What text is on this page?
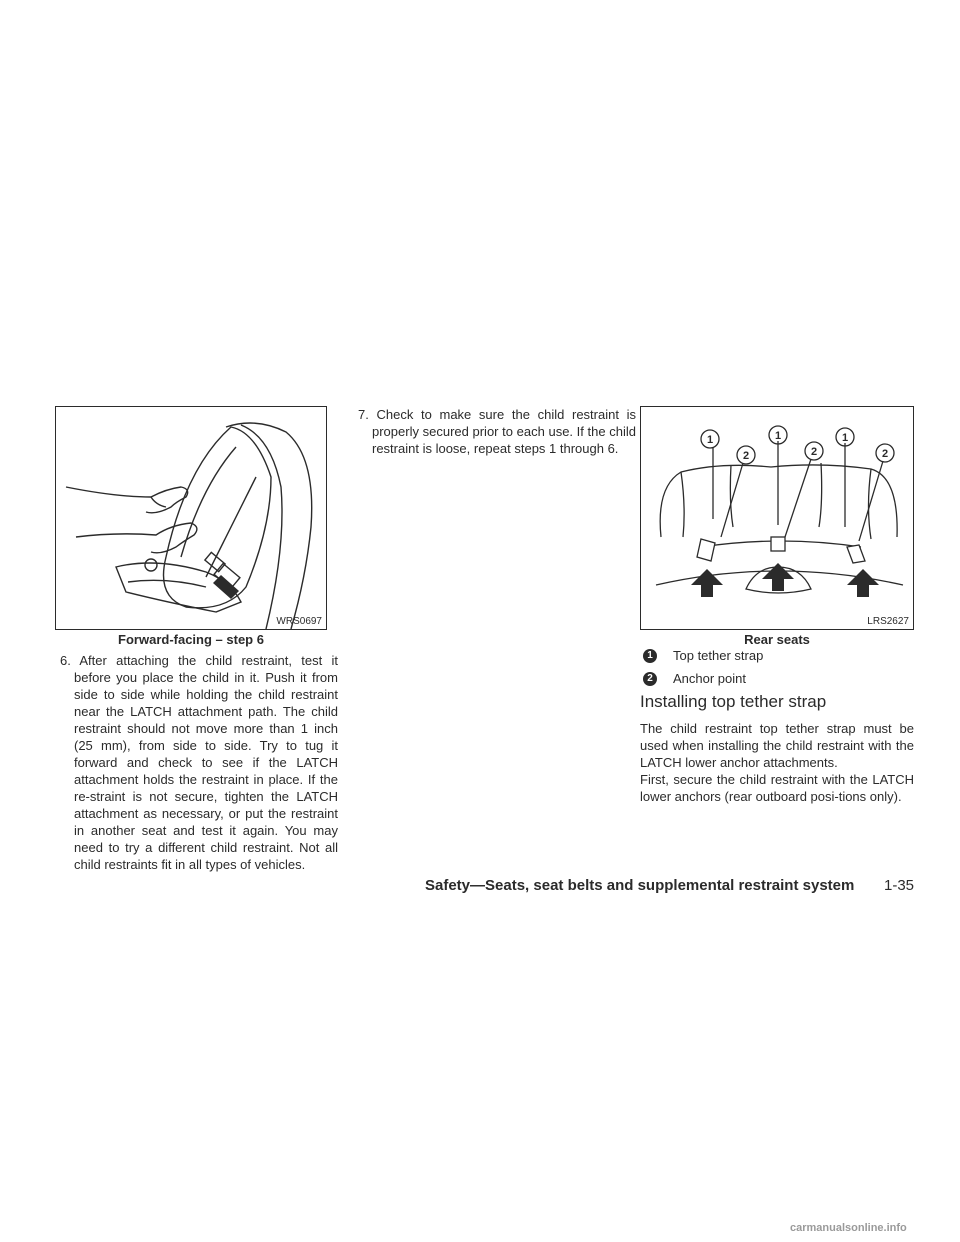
WRS0697
Forward-facing – step 6

6. After attaching the child restraint, test it before you place the child in it. Push it from side to side while holding the child restraint near the LATCH attachment path. The child restraint should not move more than 1 inch (25 mm), from side to side. Try to tug it forward and check to see if the LATCH attachment holds the restraint in place. If the re-straint is not secure, tighten the LATCH attachment as necessary, or put the restraint in another seat and test it again. You may need to try a different child restraint. Not all child restraints fit in all types of vehicles.

7. Check to make sure the child restraint is properly secured prior to each use. If the child restraint is loose, repeat steps 1 through 6.

1
2
1
2
1
2
LRS2627
Rear seats
1	Top tether strap
2	Anchor point
Installing top tether strap

The child restraint top tether strap must be used when installing the child restraint with the LATCH lower anchor attachments.

First, secure the child restraint with the LATCH lower anchors (rear outboard posi-tions only).

Safety—Seats, seat belts and supplemental restraint system 1-35
carmanualsonline.info
